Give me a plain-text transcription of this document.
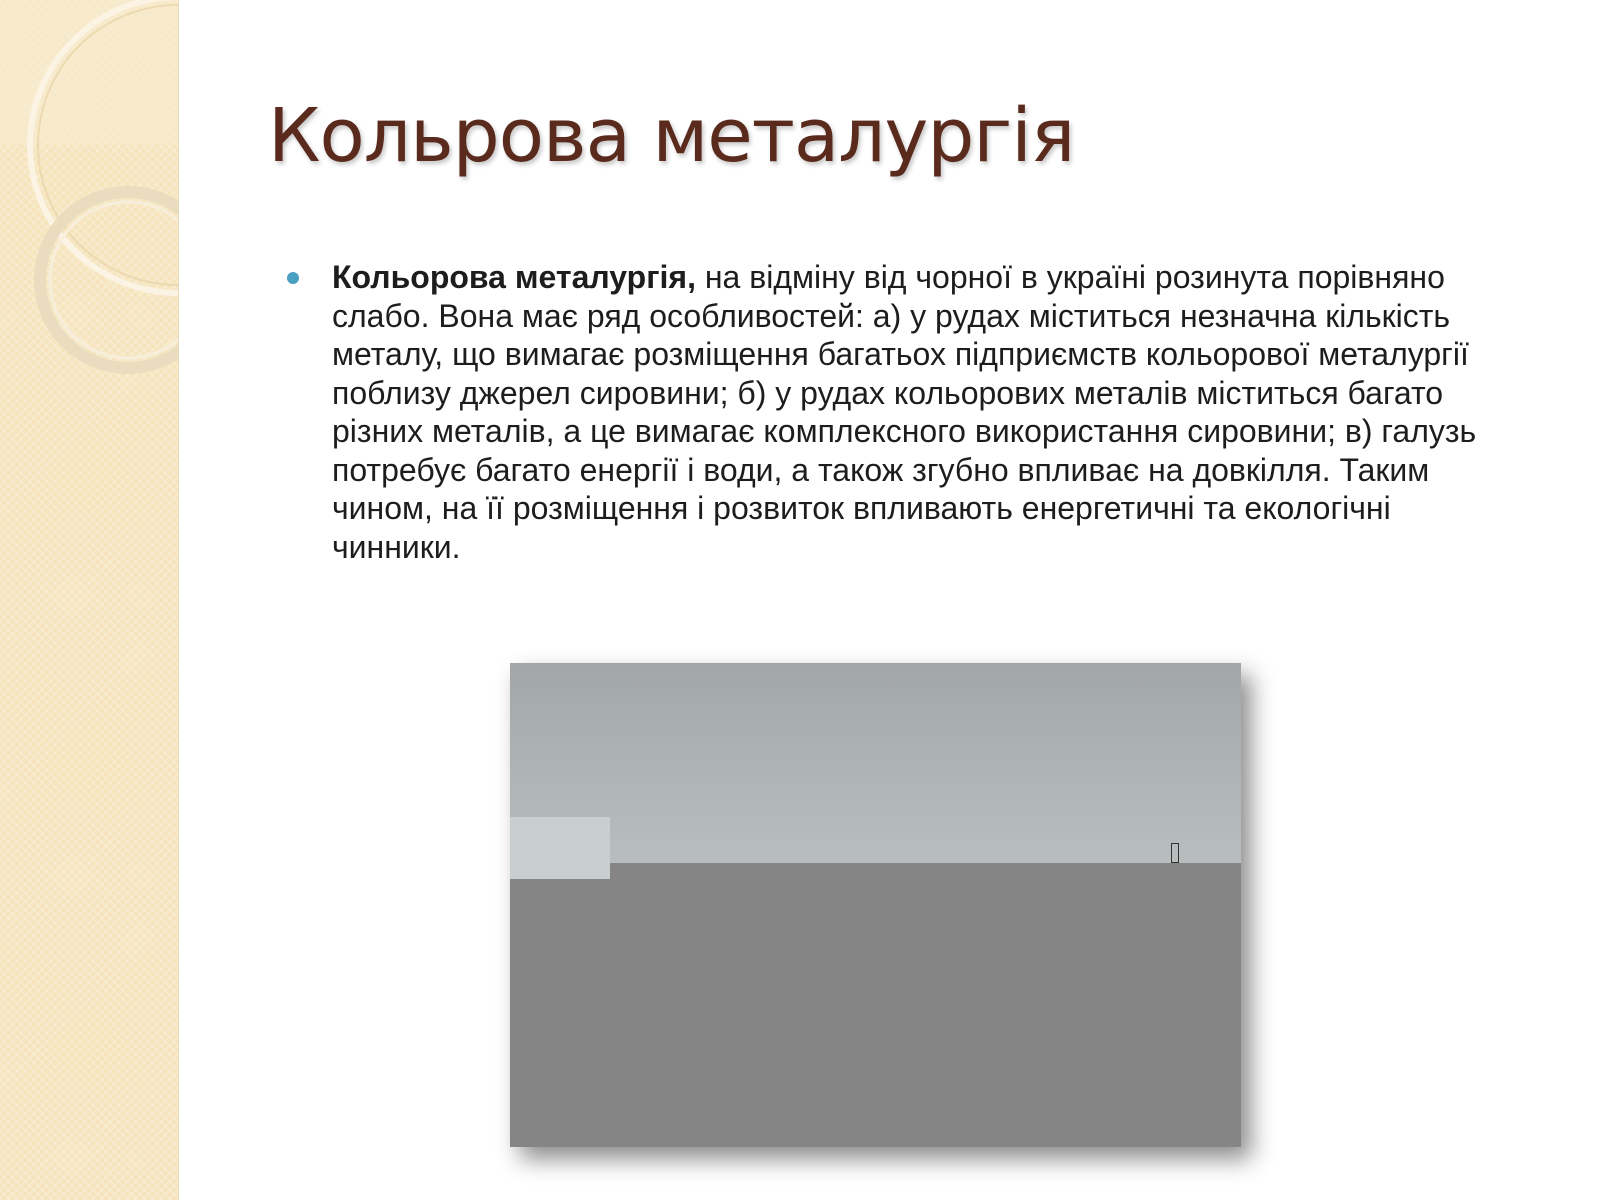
Кольрова металургія

Кольорова металургія, на відміну від чорної в україні розинута порівняно слабо. Вона має ряд особливостей: а) у рудах міститься незначна кількість металу, що вимагає розміщення багатьох підприємств кольорової металургії поблизу джерел сировини; б) у рудах кольорових металів міститься багато різних металів, а це вимагає комплексного використання сировини; в) галузь потребує багато енергії і води, а також згубно впливає на довкілля. Таким чином, на її розміщення і розвиток впливають енергетичні та екологічні чинники.
